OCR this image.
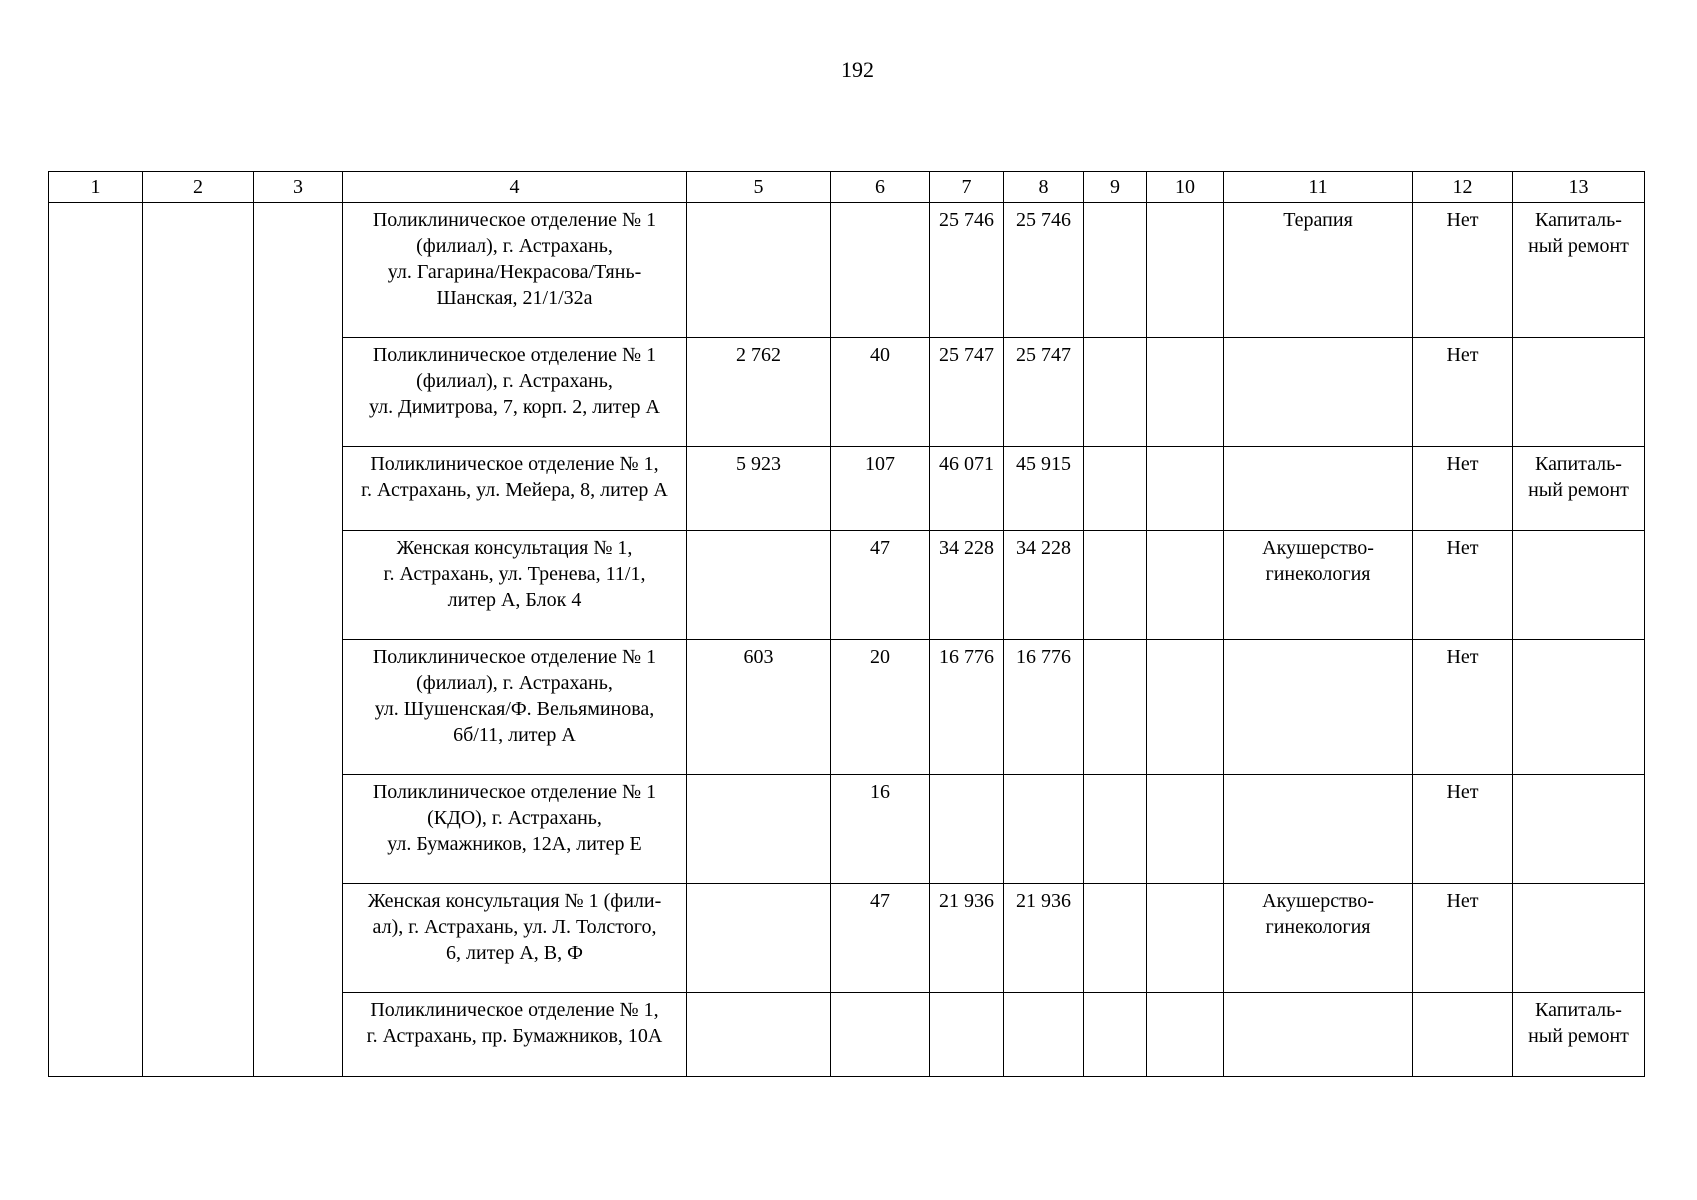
192
1	2	3	4	5	6	7	8	9	10	11	12	13

			Поликлиническое отделение № 1
(филиал), г. Астрахань,
ул. Гагарина/Некрасова/Тянь-
Шанская, 21/1/32а			25 746	25 746			Терапия	Нет	Капиталь-
ный ремонт

			Поликлиническое отделение № 1
(филиал), г. Астрахань,
ул. Димитрова, 7, корп. 2, литер А	2 762	40	25 747	25 747				Нет	

			Поликлиническое отделение № 1,
г. Астрахань, ул. Мейера, 8, литер А	5 923	107	46 071	45 915				Нет	Капиталь-
ный ремонт

			Женская консультация № 1,
г. Астрахань, ул. Тренева, 11/1,
литер А, Блок 4		47	34 228	34 228			Акушерство-
гинекология	Нет	

			Поликлиническое отделение № 1
(филиал), г. Астрахань,
ул. Шушенская/Ф. Вельяминова,
6б/11, литер А	603	20	16 776	16 776				Нет	

			Поликлиническое отделение № 1
(КДО), г. Астрахань,
ул. Бумажников, 12А, литер Е		16						Нет	

			Женская консультация № 1 (фили-
ал), г. Астрахань, ул. Л. Толстого,
6, литер А, В, Ф		47	21 936	21 936			Акушерство-
гинекология	Нет	

			Поликлиническое отделение № 1,
г. Астрахань, пр. Бумажников, 10А									Капиталь-
ный ремонт
